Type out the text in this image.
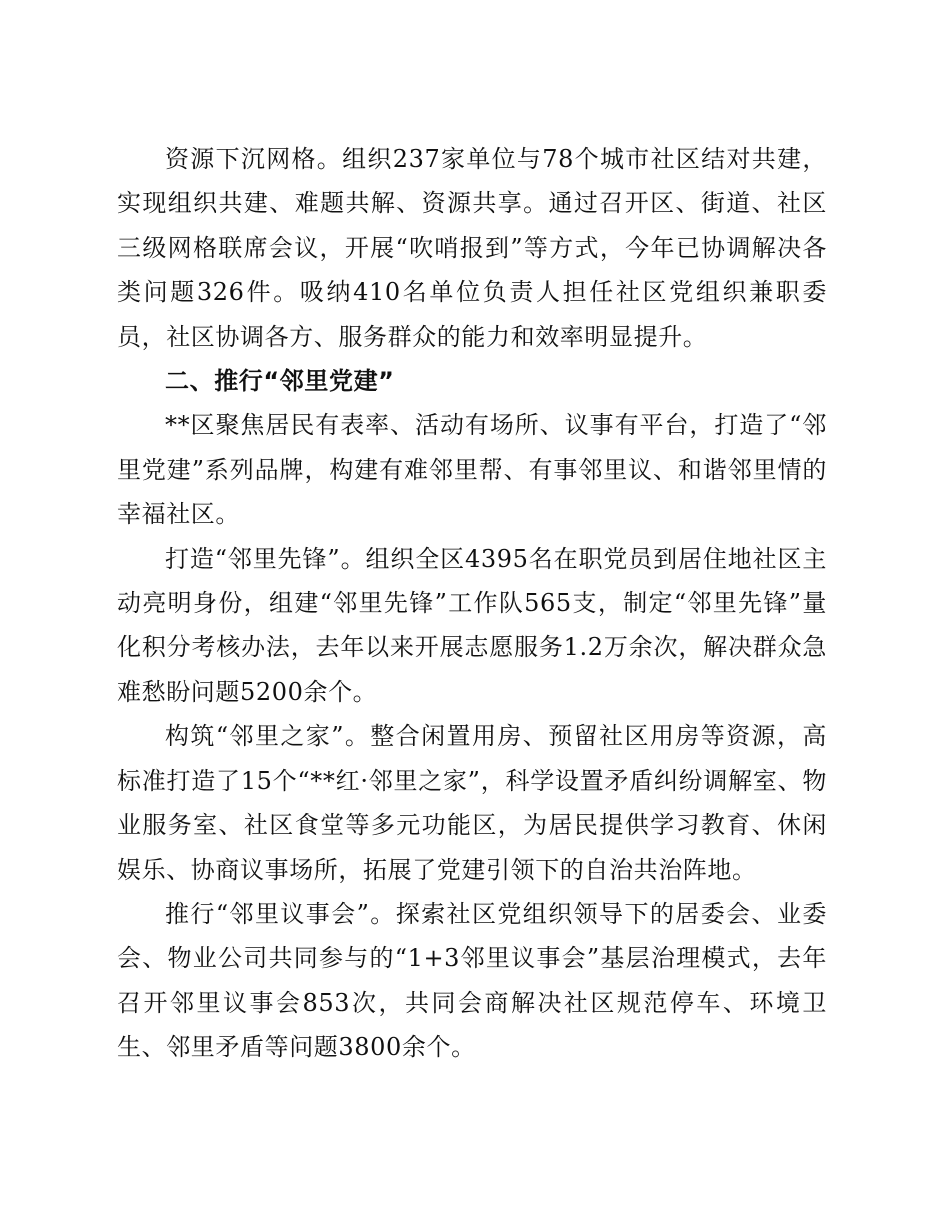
资源下沉网格。组织237家单位与78个城市社区结对共建，实现组织共建、难题共解、资源共享。通过召开区、街道、社区三级网格联席会议，开展“吹哨报到”等方式，今年已协调解决各类问题326件。吸纳410名单位负责人担任社区党组织兼职委员，社区协调各方、服务群众的能力和效率明显提升。

二、推行“邻里党建”

**区聚焦居民有表率、活动有场所、议事有平台，打造了“邻里党建”系列品牌，构建有难邻里帮、有事邻里议、和谐邻里情的幸福社区。

打造“邻里先锋”。组织全区4395名在职党员到居住地社区主动亮明身份，组建“邻里先锋”工作队565支，制定“邻里先锋”量化积分考核办法，去年以来开展志愿服务1.2万余次，解决群众急难愁盼问题5200余个。

构筑“邻里之家”。整合闲置用房、预留社区用房等资源，高标准打造了15个“**红·邻里之家”，科学设置矛盾纠纷调解室、物业服务室、社区食堂等多元功能区，为居民提供学习教育、休闲娱乐、协商议事场所，拓展了党建引领下的自治共治阵地。

推行“邻里议事会”。探索社区党组织领导下的居委会、业委会、物业公司共同参与的“1+3邻里议事会”基层治理模式，去年召开邻里议事会853次，共同会商解决社区规范停车、环境卫生、邻里矛盾等问题3800余个。
